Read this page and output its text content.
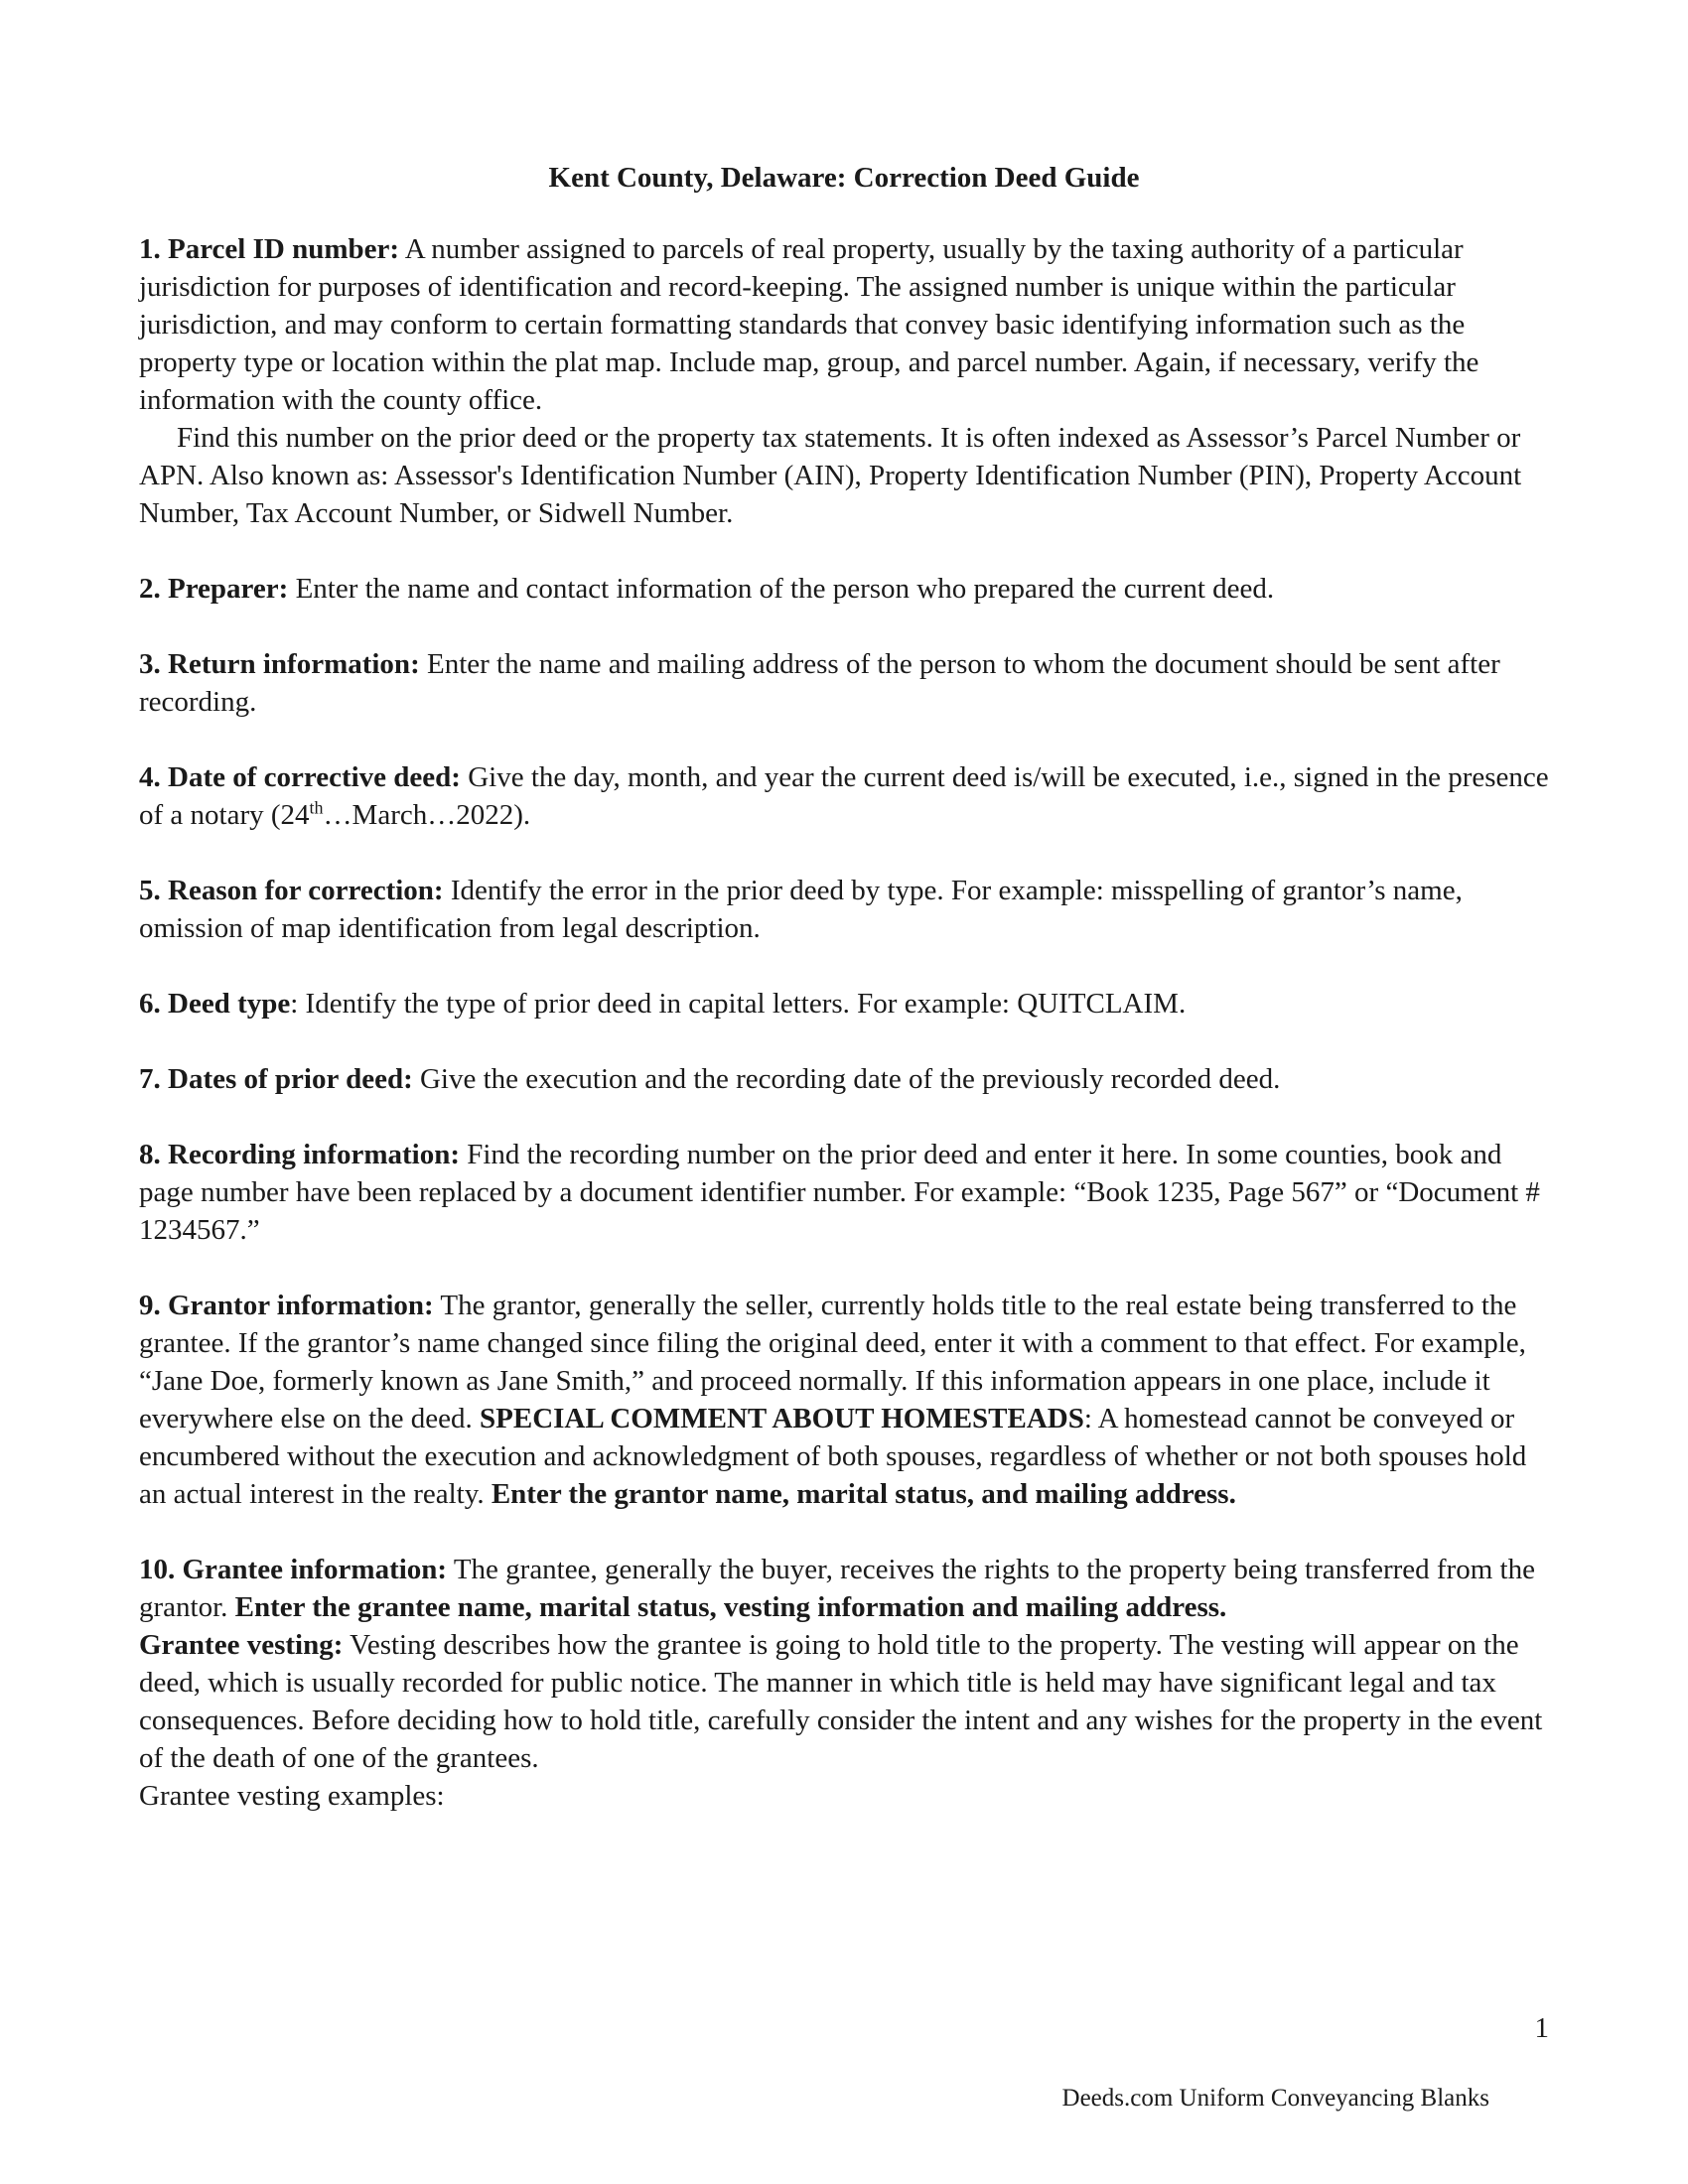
Kent County, Delaware: Correction Deed Guide

1. Parcel ID number: A number assigned to parcels of real property, usually by the taxing authority of a particular jurisdiction for purposes of identification and record-keeping. The assigned number is unique within the particular jurisdiction, and may conform to certain formatting standards that convey basic identifying information such as the property type or location within the plat map. Include map, group, and parcel number. Again, if necessary, verify the information with the county office.

Find this number on the prior deed or the property tax statements. It is often indexed as Assessor’s Parcel Number or APN. Also known as: Assessor's Identification Number (AIN), Property Identification Number (PIN), Property Account Number, Tax Account Number, or Sidwell Number.

2. Preparer: Enter the name and contact information of the person who prepared the current deed.

3. Return information: Enter the name and mailing address of the person to whom the document should be sent after recording.

4. Date of corrective deed: Give the day, month, and year the current deed is/will be executed, i.e., signed in the presence of a notary (24th…March…2022).

5. Reason for correction: Identify the error in the prior deed by type. For example: misspelling of grantor’s name, omission of map identification from legal description.

6. Deed type: Identify the type of prior deed in capital letters. For example: QUITCLAIM.

7. Dates of prior deed: Give the execution and the recording date of the previously recorded deed.

8. Recording information: Find the recording number on the prior deed and enter it here. In some counties, book and page number have been replaced by a document identifier number. For example: “Book 1235, Page 567” or “Document # 1234567.”

9. Grantor information: The grantor, generally the seller, currently holds title to the real estate being transferred to the grantee. If the grantor’s name changed since filing the original deed, enter it with a comment to that effect. For example, “Jane Doe, formerly known as Jane Smith,” and proceed normally. If this information appears in one place, include it everywhere else on the deed. SPECIAL COMMENT ABOUT HOMESTEADS: A homestead cannot be conveyed or encumbered without the execution and acknowledgment of both spouses, regardless of whether or not both spouses hold an actual interest in the realty. Enter the grantor name, marital status, and mailing address.

10. Grantee information: The grantee, generally the buyer, receives the rights to the property being transferred from the grantor. Enter the grantee name, marital status, vesting information and mailing address.

Grantee vesting: Vesting describes how the grantee is going to hold title to the property. The vesting will appear on the deed, which is usually recorded for public notice. The manner in which title is held may have significant legal and tax consequences. Before deciding how to hold title, carefully consider the intent and any wishes for the property in the event of the death of one of the grantees.

Grantee vesting examples:

1
Deeds.com Uniform Conveyancing Blanks
